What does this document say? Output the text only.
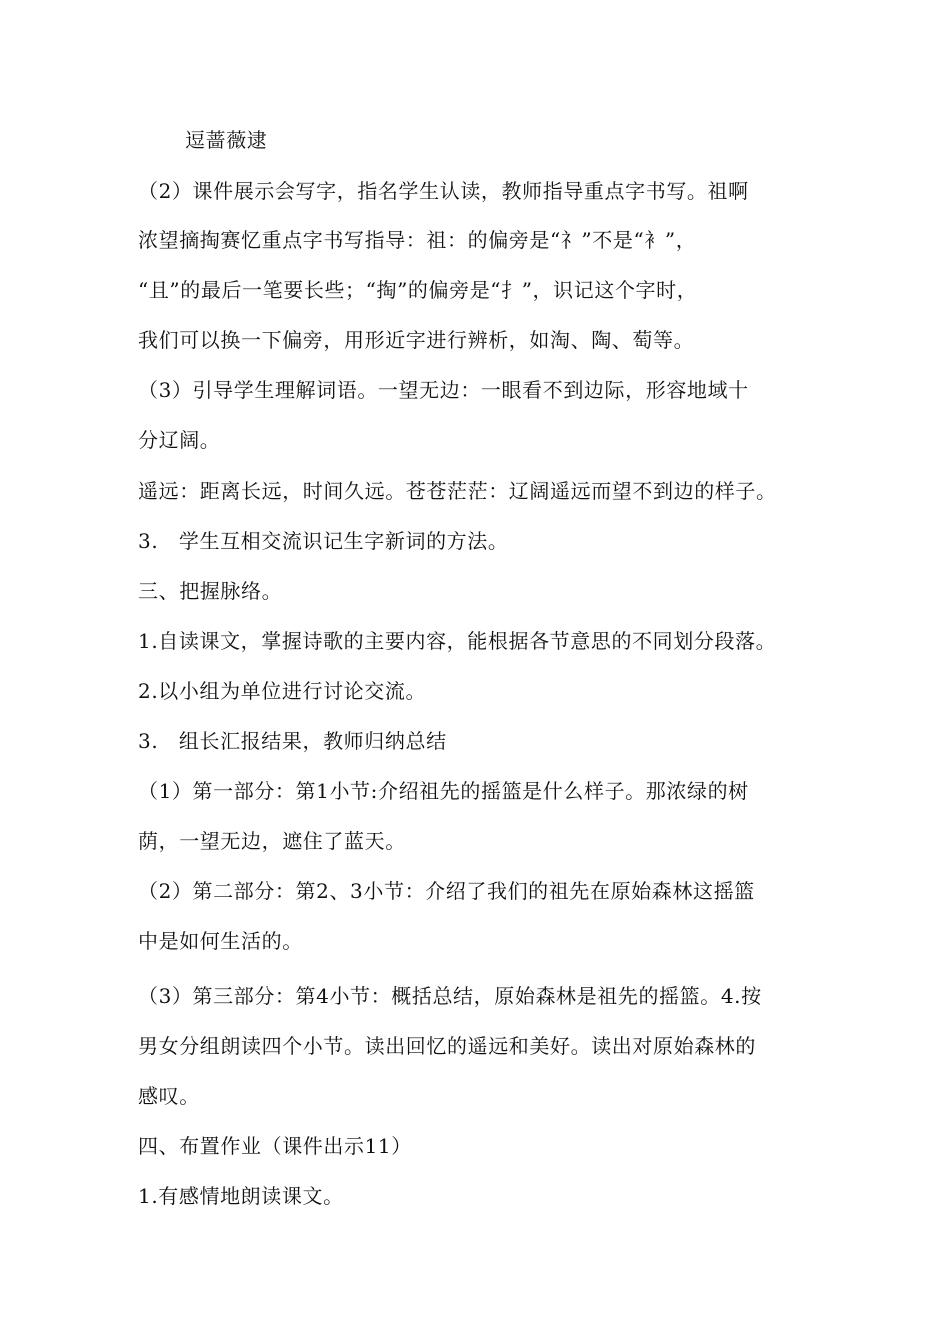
逗蔷薇逮
（2）课件展示会写字，指名学生认读，教师指导重点字书写。祖啊
浓望摘掏赛忆重点字书写指导：祖：的偏旁是“礻”不是“衤”，
“且”的最后一笔要长些；“掏”的偏旁是“扌”，识记这个字时，
我们可以换一下偏旁，用形近字进行辨析，如淘、陶、萄等。
（3）引导学生理解词语。一望无边：一眼看不到边际，形容地域十
分辽阔。
遥远：距离长远，时间久远。苍苍茫茫：辽阔遥远而望不到边的样子。
3.　学生互相交流识记生字新词的方法。
三、把握脉络。
1.自读课文，掌握诗歌的主要内容，能根据各节意思的不同划分段落。
2.以小组为单位进行讨论交流。
3.　组长汇报结果，教师归纳总结
（1）第一部分：第1小节:介绍祖先的摇篮是什么样子。那浓绿的树
荫，一望无边，遮住了蓝天。
（2）第二部分：第2、3小节：介绍了我们的祖先在原始森林这摇篮
中是如何生活的。
（3）第三部分：第4小节：概括总结，原始森林是祖先的摇篮。4.按
男女分组朗读四个小节。读出回忆的遥远和美好。读出对原始森林的
感叹。
四、布置作业（课件出示11）
1.有感情地朗读课文。
